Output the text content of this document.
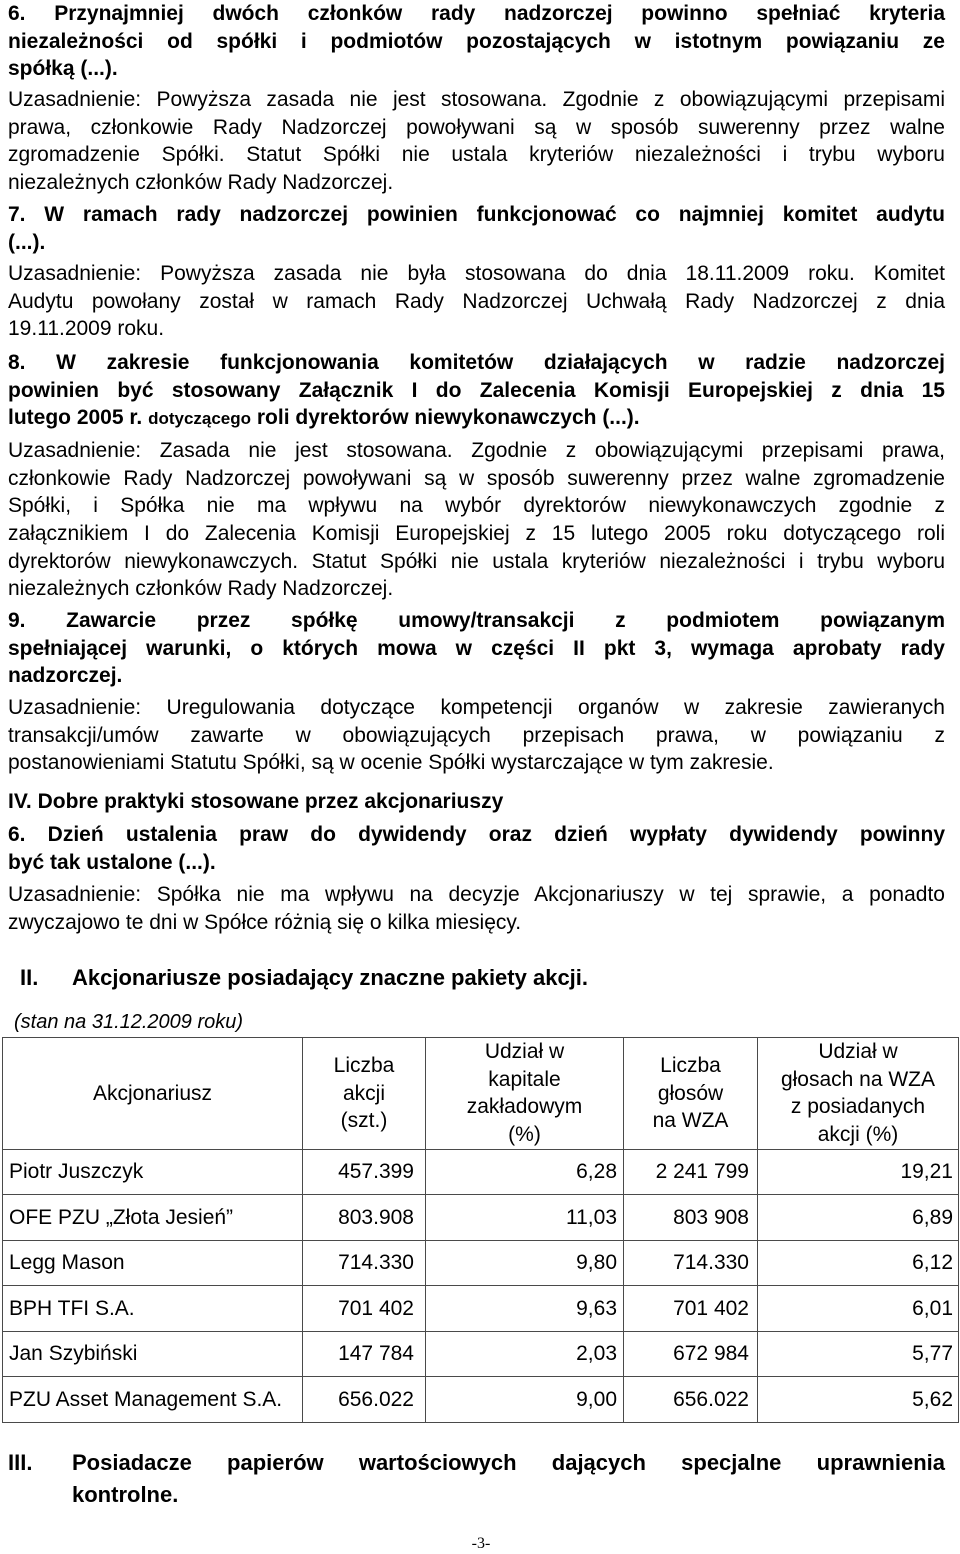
6. Przynajmniej dwóch członków rady nadzorczej powinno spełniać kryteria
niezależności od spółki i podmiotów pozostających w istotnym powiązaniu ze
spółką (...).
Uzasadnienie: Powyższa zasada nie jest stosowana. Zgodnie z obowiązującymi przepisami
prawa, członkowie Rady Nadzorczej powoływani są w sposób suwerenny przez walne
zgromadzenie Spółki. Statut Spółki nie ustala kryteriów niezależności i trybu wyboru
niezależnych członków Rady Nadzorczej.
7. W ramach rady nadzorczej powinien funkcjonować co najmniej komitet audytu
(...).
Uzasadnienie: Powyższa zasada nie była stosowana do dnia 18.11.2009 roku. Komitet
Audytu powołany został w ramach Rady Nadzorczej Uchwałą Rady Nadzorczej z dnia
19.11.2009 roku.
8. W zakresie funkcjonowania komitetów działających w radzie nadzorczej
powinien być stosowany Załącznik I do Zalecenia Komisji Europejskiej z dnia 15
lutego 2005 r. dotyczącego roli dyrektorów niewykonawczych (...).
Uzasadnienie: Zasada nie jest stosowana. Zgodnie z obowiązującymi przepisami prawa,
członkowie Rady Nadzorczej powoływani są w sposób suwerenny przez walne zgromadzenie
Spółki, i Spółka nie ma wpływu na wybór dyrektorów niewykonawczych zgodnie z
załącznikiem I do Zalecenia Komisji Europejskiej z 15 lutego 2005 roku dotyczącego roli
dyrektorów niewykonawczych. Statut Spółki nie ustala kryteriów niezależności i trybu wyboru
niezależnych członków Rady Nadzorczej.
9. Zawarcie przez spółkę umowy/transakcji z podmiotem powiązanym
spełniającej warunki, o których mowa w części II pkt 3, wymaga aprobaty rady
nadzorczej.
Uzasadnienie: Uregulowania dotyczące kompetencji organów w zakresie zawieranych
transakcji/umów zawarte w obowiązujących przepisach prawa, w powiązaniu z
postanowieniami Statutu Spółki, są w ocenie Spółki wystarczające w tym zakresie.
IV. Dobre praktyki stosowane przez akcjonariuszy
6. Dzień ustalenia praw do dywidendy oraz dzień wypłaty dywidendy powinny
być tak ustalone (...).
Uzasadnienie: Spółka nie ma wpływu na decyzje Akcjonariuszy w tej sprawie, a ponadto
zwyczajowo te dni w Spółce różnią się o kilka miesięcy.
II. Akcjonariusze posiadający znaczne pakiety akcji.
(stan na 31.12.2009 roku)
Akcjonariusz	Liczba
akcji
(szt.)	Udział w
kapitale
zakładowym
(%)	Liczba
głosów
na WZA	Udział w
głosach na WZA
z posiadanych
akcji (%)

Piotr Juszczyk	457.399	6,28	2 241 799	19,21
OFE PZU „Złota Jesień”	803.908	11,03	803 908	6,89
Legg Mason	714.330	9,80	714.330	6,12
BPH TFI S.A.	701 402	9,63	701 402	6,01
Jan Szybiński	147 784	2,03	672 984	5,77
PZU Asset Management S.A.	656.022	9,00	656.022	5,62
III. Posiadacze papierów wartościowych dających specjalne uprawnienia
kontrolne.
-3-
